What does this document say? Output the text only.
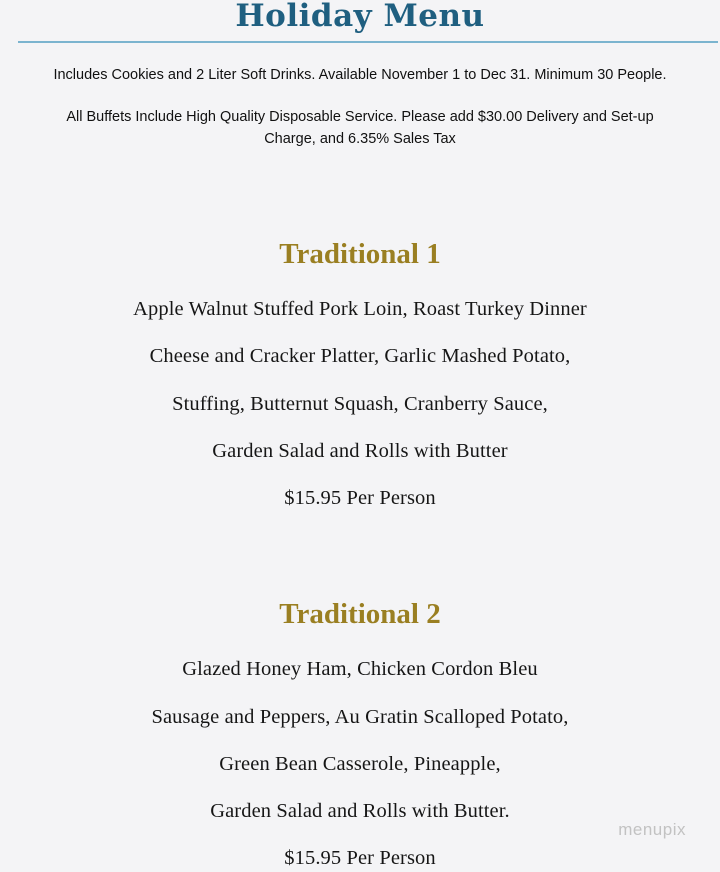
Holiday Menu

Includes Cookies and 2 Liter Soft Drinks. Available November 1 to Dec 31. Minimum 30 People.

All Buffets Include High Quality Disposable Service. Please add $30.00 Delivery and Set-up
Charge, and 6.35% Sales Tax

Traditional 1

Apple Walnut Stuffed Pork Loin, Roast Turkey Dinner

Cheese and Cracker Platter, Garlic Mashed Potato,

Stuffing, Butternut Squash, Cranberry Sauce,

Garden Salad and Rolls with Butter

$15.95 Per Person

Traditional 2

Glazed Honey Ham, Chicken Cordon Bleu

Sausage and Peppers, Au Gratin Scalloped Potato,

Green Bean Casserole, Pineapple,

Garden Salad and Rolls with Butter.

$15.95 Per Person

menupix
